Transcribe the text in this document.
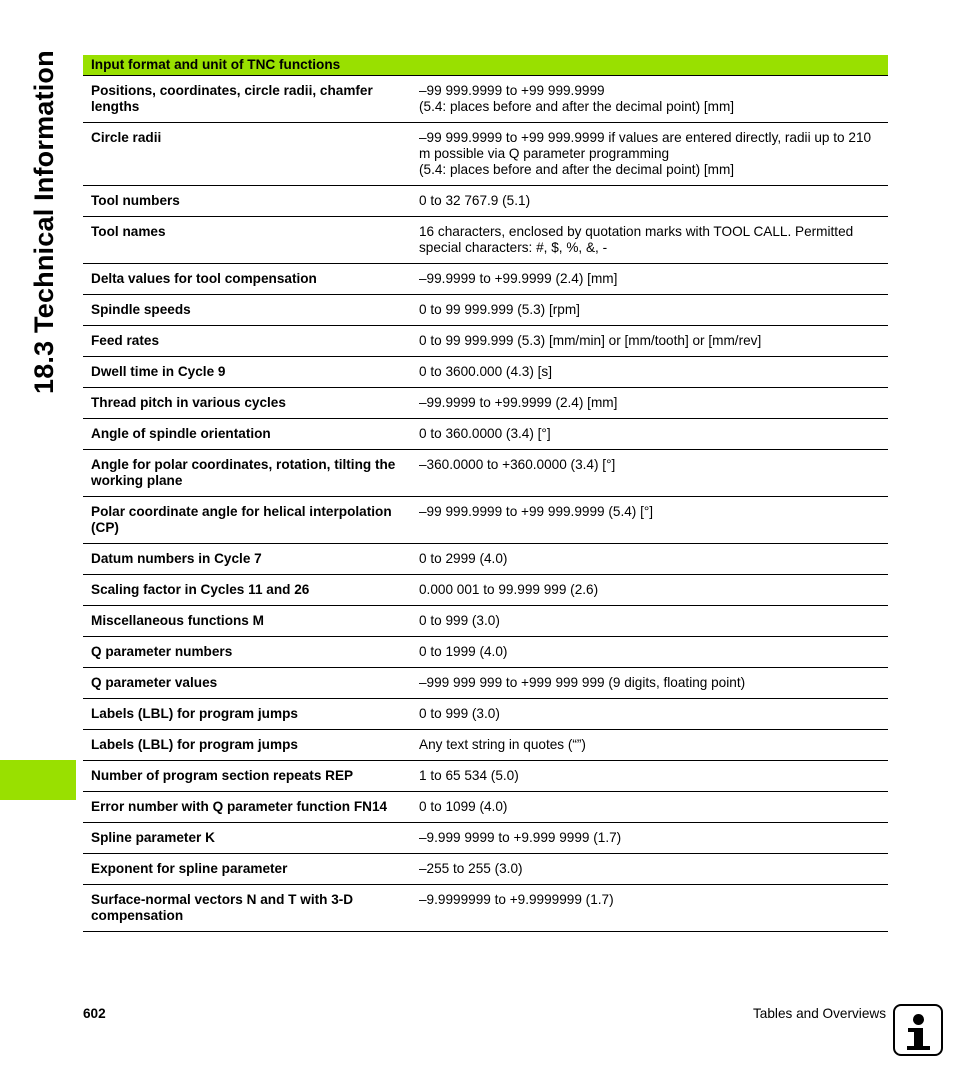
18.3 Technical Information Input format and unit of TNC functions	
Positions, coordinates, circle radii, chamfer lengths	–99 999.9999 to +99 999.9999
(5.4: places before and after the decimal point) [mm]
Circle radii	–99 999.9999 to +99 999.9999 if values are entered directly, radii up to 210 m possible via Q parameter programming
(5.4: places before and after the decimal point) [mm]
Tool numbers	0 to 32 767.9 (5.1)
Tool names	16 characters, enclosed by quotation marks with TOOL CALL. Permitted special characters: #, $, %, &, -
Delta values for tool compensation	–99.9999 to +99.9999 (2.4) [mm]
Spindle speeds	0 to 99 999.999 (5.3) [rpm]
Feed rates	0 to 99 999.999 (5.3) [mm/min] or [mm/tooth] or [mm/rev]
Dwell time in Cycle 9	0 to 3600.000 (4.3) [s]
Thread pitch in various cycles	–99.9999 to +99.9999 (2.4) [mm]
Angle of spindle orientation	0 to 360.0000 (3.4) [°]
Angle for polar coordinates, rotation, tilting the working plane	–360.0000 to +360.0000 (3.4) [°]
Polar coordinate angle for helical interpolation (CP)	–99 999.9999 to +99 999.9999 (5.4) [°]
Datum numbers in Cycle 7	0 to 2999 (4.0)
Scaling factor in Cycles 11 and 26	0.000 001 to 99.999 999 (2.6)
Miscellaneous functions M	0 to 999 (3.0)
Q parameter numbers	0 to 1999 (4.0)
Q parameter values	–999 999 999 to +999 999 999 (9 digits, floating point)
Labels (LBL) for program jumps	0 to 999 (3.0)
Labels (LBL) for program jumps	Any text string in quotes (“”)
Number of program section repeats REP	1 to 65 534 (5.0)
Error number with Q parameter function FN14	0 to 1099 (4.0)
Spline parameter K	–9.999 9999 to +9.999 9999 (1.7)
Exponent for spline parameter	–255 to 255 (3.0)
Surface-normal vectors N and T with 3-D compensation	–9.9999999 to +9.9999999 (1.7)
602	Tables and Overviews
